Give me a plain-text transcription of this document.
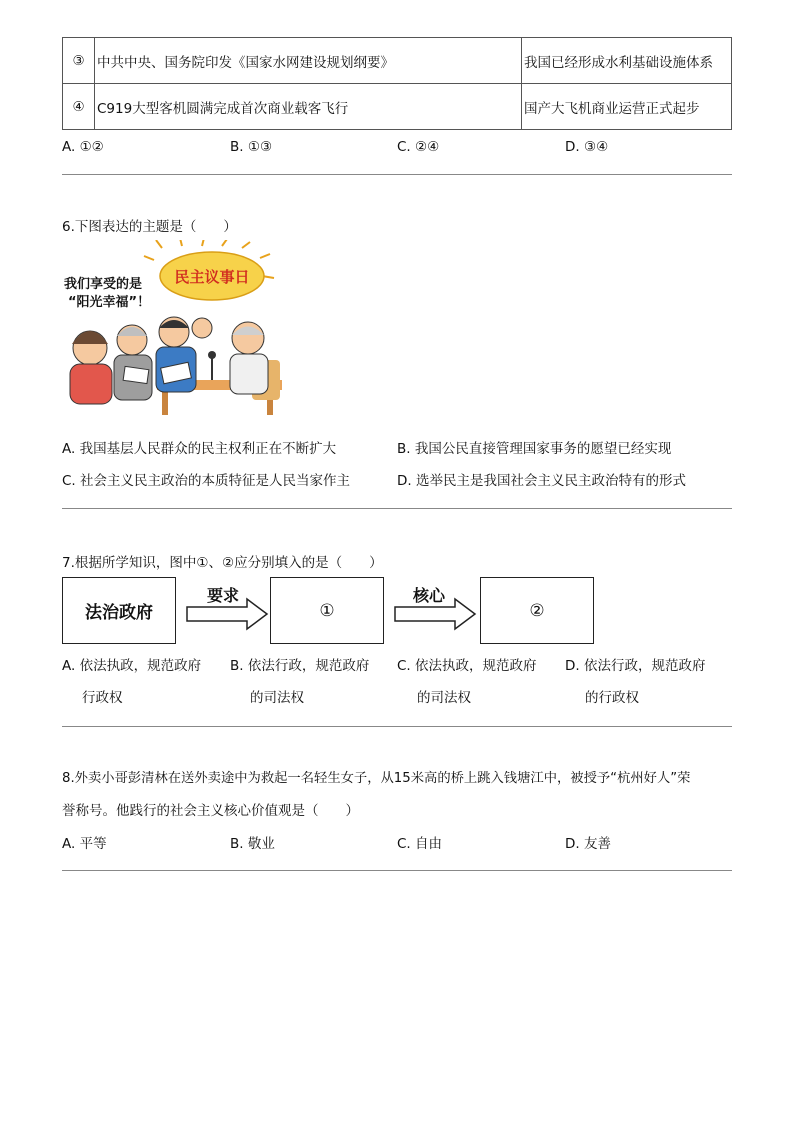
③	中共中央、国务院印发《国家水网建设规划纲要》	我国已经形成水利基础设施体系
④	C919大型客机圆满完成首次商业载客飞行	国产大飞机商业运营正式起步
A. ①②	B. ①③	C. ②④	D. ③④
6.下图表达的主题是（　　）
我们享受的是
“阳光幸福”！
民主议事日
A. 我国基层人民群众的民主权利正在不断扩大	B. 我国公民直接管理国家事务的愿望已经实现
C. 社会主义民主政治的本质特征是人民当家作主	D. 选举民主是我国社会主义民主政治特有的形式
7.根据所学知识，图中①、②应分别填入的是（　　）
法治政府
要求
①
核心
②
A. 依法执政，规范政府
行政权
B. 依法行政，规范政府
的司法权
C. 依法执政，规范政府
的司法权
D. 依法行政，规范政府
的行政权
8.外卖小哥彭清林在送外卖途中为救起一名轻生女子，从15米高的桥上跳入钱塘江中，被授予“杭州好人”荣
誉称号。他践行的社会主义核心价值观是（　　）
A. 平等	B. 敬业	C. 自由	D. 友善
